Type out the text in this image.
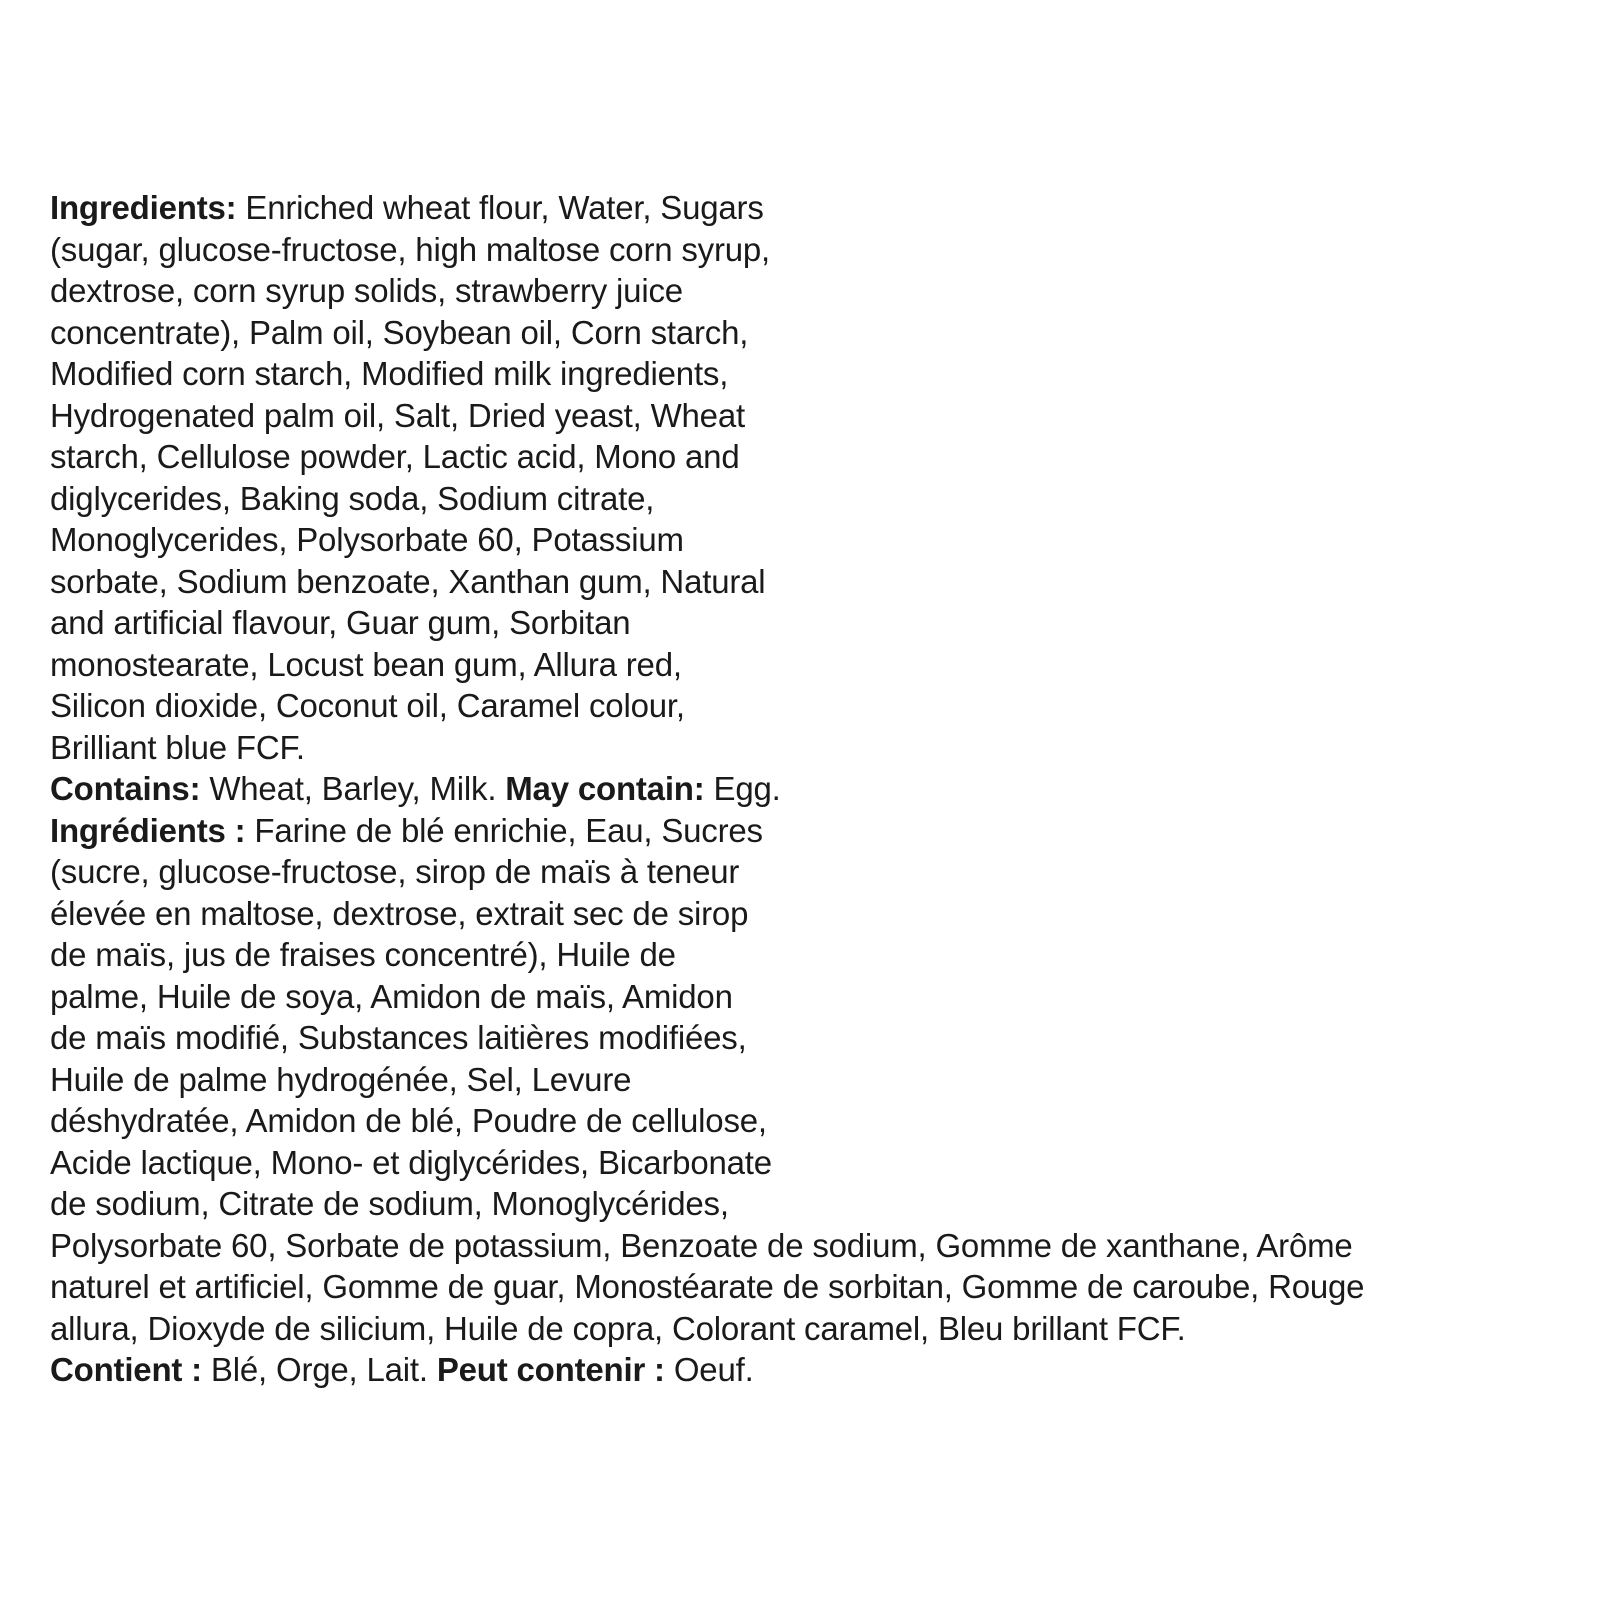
Ingredients: Enriched wheat flour, Water, Sugars
(sugar, glucose-fructose, high maltose corn syrup,
dextrose, corn syrup solids, strawberry juice
concentrate), Palm oil, Soybean oil, Corn starch,
Modified corn starch, Modified milk ingredients,
Hydrogenated palm oil, Salt, Dried yeast, Wheat
starch, Cellulose powder, Lactic acid, Mono and
diglycerides, Baking soda, Sodium citrate,
Monoglycerides, Polysorbate 60, Potassium
sorbate, Sodium benzoate, Xanthan gum, Natural
and artificial flavour, Guar gum, Sorbitan
monostearate, Locust bean gum, Allura red,
Silicon dioxide, Coconut oil, Caramel colour,
Brilliant blue FCF.
Contains: Wheat, Barley, Milk. May contain: Egg.
Ingrédients : Farine de blé enrichie, Eau, Sucres
(sucre, glucose-fructose, sirop de maïs à teneur
élevée en maltose, dextrose, extrait sec de sirop
de maïs, jus de fraises concentré), Huile de
palme, Huile de soya, Amidon de maïs, Amidon
de maïs modifié, Substances laitières modifiées,
Huile de palme hydrogénée, Sel, Levure
déshydratée, Amidon de blé, Poudre de cellulose,
Acide lactique, Mono- et diglycérides, Bicarbonate
de sodium, Citrate de sodium, Monoglycérides,
Polysorbate 60, Sorbate de potassium, Benzoate de sodium, Gomme de xanthane, Arôme
naturel et artificiel, Gomme de guar, Monostéarate de sorbitan, Gomme de caroube, Rouge
allura, Dioxyde de silicium, Huile de copra, Colorant caramel, Bleu brillant FCF.
Contient : Blé, Orge, Lait. Peut contenir : Oeuf.
